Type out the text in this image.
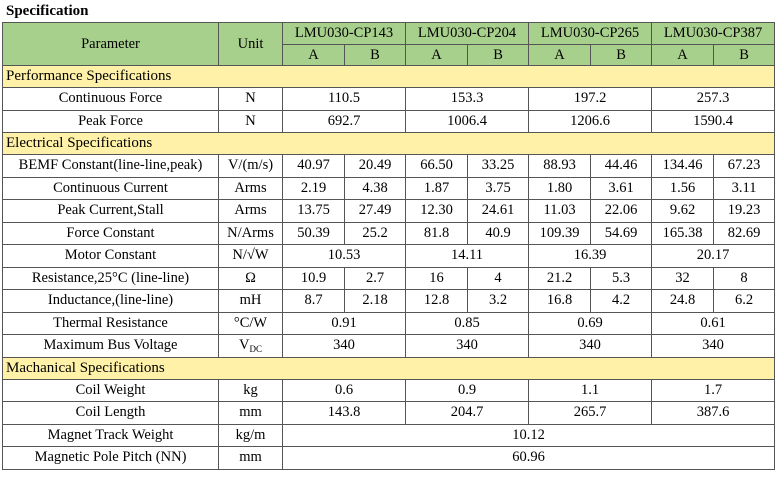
Specification
Parameter	Unit	LMU030-CP143		LMU030-CP204		LMU030-CP265		LMU030-CP387	
		A	B	A	B	A	B	A	B
Performance Specifications									
Continuous Force	N	110.5		153.3		197.2		257.3	
Peak Force	N	692.7		1006.4		1206.6		1590.4	
Electrical Specifications									
BEMF Constant(line-line,peak)	V/(m/s)	40.97	20.49	66.50	33.25	88.93	44.46	134.46	67.23
Continuous Current	Arms	2.19	4.38	1.87	3.75	1.80	3.61	1.56	3.11
Peak Current,Stall	Arms	13.75	27.49	12.30	24.61	11.03	22.06	9.62	19.23
Force Constant	N/Arms	50.39	25.2	81.8	40.9	109.39	54.69	165.38	82.69
Motor Constant	N/√W	10.53		14.11		16.39		20.17	
Resistance,25°C (line-line)	Ω	10.9	2.7	16	4	21.2	5.3	32	8
Inductance,(line-line)	mH	8.7	2.18	12.8	3.2	16.8	4.2	24.8	6.2
Thermal Resistance	°C/W	0.91		0.85		0.69		0.61	
Maximum Bus Voltage	$V_{DC}$	340		340		340		340	
Machanical Specifications									
Coil Weight	kg	0.6		0.9		1.1		1.7	
Coil Length	mm	143.8		204.7		265.7		387.6	
Magnet Track Weight	kg/m	10.12							
Magnetic Pole Pitch (NN)	mm	60.96							
